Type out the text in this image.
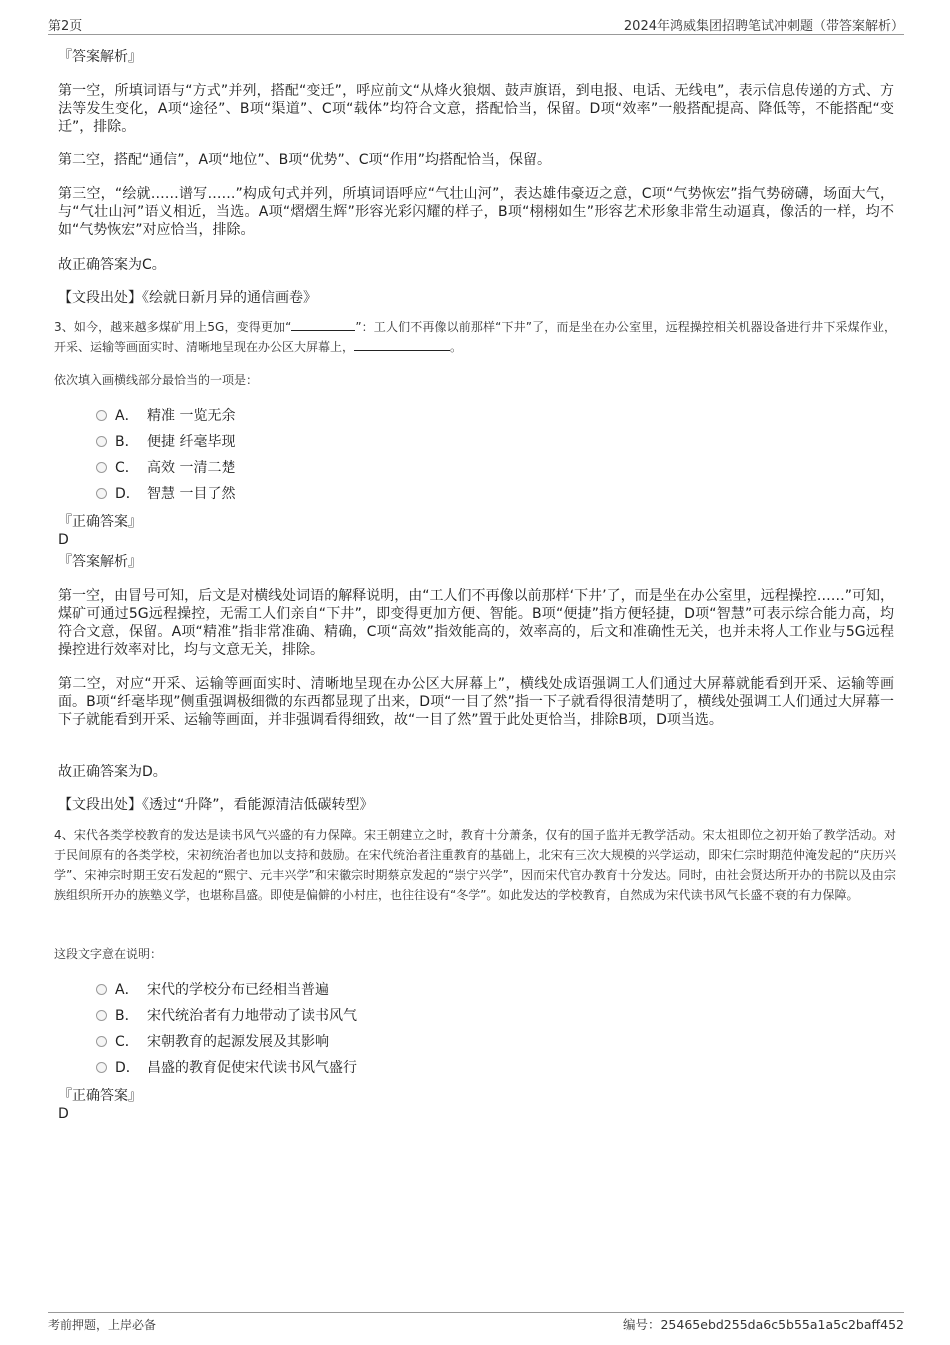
第2页	2024年鸿威集团招聘笔试冲刺题（带答案解析）
『答案解析』
第一空，所填词语与“方式”并列，搭配“变迁”，呼应前文“从烽火狼烟、鼓声旗语，到电报、电话、无线电”，表示信息传递的方式、方法等发生变化，A项“途径”、B项“渠道”、C项“载体”均符合文意，搭配恰当，保留。D项“效率”一般搭配提高、降低等，不能搭配“变迁”，排除。
第二空，搭配“通信”，A项“地位”、B项“优势”、C项“作用”均搭配恰当，保留。
第三空，“绘就……谱写……”构成句式并列，所填词语呼应“气壮山河”，表达雄伟豪迈之意，C项“气势恢宏”指气势磅礴，场面大气，与“气壮山河”语义相近，当选。A项“熠熠生辉”形容光彩闪耀的样子，B项“栩栩如生”形容艺术形象非常生动逼真，像活的一样，均不如“气势恢宏”对应恰当，排除。
故正确答案为C。
【文段出处】《绘就日新月异的通信画卷》
3、如今，越来越多煤矿用上5G，变得更加“	”：工人们不再像以前那样“下井”了，而是坐在办公室里，远程操控相关机器设备进行井下采煤作业，开采、运输等画面实时、清晰地呈现在办公区大屏幕上，	。
依次填入画横线部分最恰当的一项是：
A． 精准 一览无余
B． 便捷 纤毫毕现
C． 高效 一清二楚
D． 智慧 一目了然
『正确答案』
D
『答案解析』
第一空，由冒号可知，后文是对横线处词语的解释说明，由“工人们不再像以前那样‘下井’了，而是坐在办公室里，远程操控……”可知，煤矿可通过5G远程操控，无需工人们亲自“下井”，即变得更加方便、智能。B项“便捷”指方便轻捷，D项“智慧”可表示综合能力高，均符合文意，保留。A项“精准”指非常准确、精确，C项“高效”指效能高的，效率高的，后文和准确性无关，也并未将人工作业与5G远程操控进行效率对比，均与文意无关，排除。
第二空，对应“开采、运输等画面实时、清晰地呈现在办公区大屏幕上”，横线处成语强调工人们通过大屏幕就能看到开采、运输等画面。B项“纤毫毕现”侧重强调极细微的东西都显现了出来，D项“一目了然”指一下子就看得很清楚明了，横线处强调工人们通过大屏幕一下子就能看到开采、运输等画面，并非强调看得细致，故“一目了然”置于此处更恰当，排除B项，D项当选。
故正确答案为D。
【文段出处】《透过“升降”，看能源清洁低碳转型》
4、宋代各类学校教育的发达是读书风气兴盛的有力保障。宋王朝建立之时，教育十分萧条，仅有的国子监并无教学活动。宋太祖即位之初开始了教学活动。对于民间原有的各类学校，宋初统治者也加以支持和鼓励。在宋代统治者注重教育的基础上，北宋有三次大规模的兴学运动，即宋仁宗时期范仲淹发起的“庆历兴学”、宋神宗时期王安石发起的“熙宁、元丰兴学”和宋徽宗时期蔡京发起的“崇宁兴学”，因而宋代官办教育十分发达。同时，由社会贤达所开办的书院以及由宗族组织所开办的族塾义学，也堪称昌盛。即使是偏僻的小村庄，也往往设有“冬学”。如此发达的学校教育，自然成为宋代读书风气长盛不衰的有力保障。
这段文字意在说明：
A． 宋代的学校分布已经相当普遍
B． 宋代统治者有力地带动了读书风气
C． 宋朝教育的起源发展及其影响
D． 昌盛的教育促使宋代读书风气盛行
『正确答案』
D
考前押题，上岸必备	编号：25465ebd255da6c5b55a1a5c2baff452
